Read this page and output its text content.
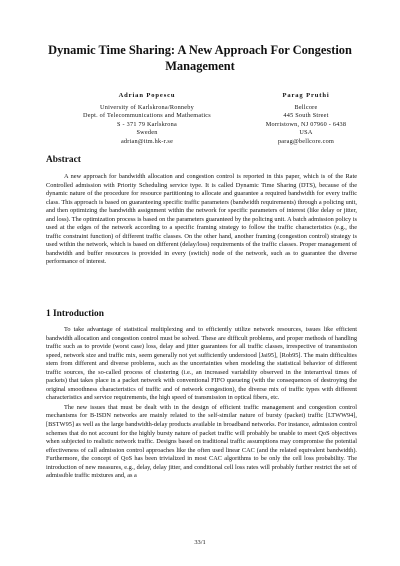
Dynamic Time Sharing: A New Approach For Congestion Management
Adrian Popescu
University of Karlskrona/Ronneby
Dept. of Telecommunications and Mathematics
S - 371 79 Karlskrona
Sweden
adrian@itm.hk-r.se
Parag Pruthi
Bellcore
445 South Street
Morristown, NJ 07960 - 6438
USA
parag@bellcore.com
Abstract

A new approach for bandwidth allocation and congestion control is reported in this paper, which is of the Rate Controlled admission with Priority Scheduling service type. It is called Dynamic Time Sharing (DTS), because of the dynamic nature of the procedure for resource partitioning to allocate and guarantee a required bandwidth for every traffic class. This approach is based on guaranteeing specific traffic parameters (bandwidth requirements) through a policing unit, and then optimizing the bandwidth assignment within the network for specific parameters of interest (like delay or jitter, and loss). The optimization process is based on the parameters guaranteed by the policing unit. A batch admission policy is used at the edges of the network according to a specific framing strategy to follow the traffic characteristics (e.g., the traffic constraint function) of different traffic classes. On the other hand, another framing (congestion control) strategy is used within the network, which is based on different (delay/loss) requirements of the traffic classes. Proper management of bandwidth and buffer resources is provided in every (switch) node of the network, such as to guarantee the diverse performance of interest.

1 Introduction

To take advantage of statistical multiplexing and to efficiently utilize network resources, issues like efficient bandwidth allocation and congestion control must be solved. These are difficult problems, and proper methods of handling traffic such as to provide (worst case) loss, delay and jitter guarantees for all traffic classes, irrespective of transmission speed, network size and traffic mix, seem generally not yet sufficiently understood [Jai95], [Rob95]. The main difficulties stem from different and diverse problems, such as the uncertainties when modeling the statistical behavior of different traffic sources, the so-called process of clustering (i.e., an increased variability observed in the interarrival times of packets) that takes place in a packet network with conventional FIFO queueing (with the consequences of destroying the original smoothness characteristics of traffic and of network congestion), the diverse mix of traffic types with different characteristics and service requirements, the high speed of transmission in optical fibers, etc.

The new issues that must be dealt with in the design of efficient traffic management and congestion control mechanisms for B-ISDN networks are mainly related to the self-similar nature of bursty (packet) traffic [LTWW94], [BSTW95] as well as the large bandwidth-delay products available in broadband networks. For instance, admission control schemes that do not account for the highly bursty nature of packet traffic will probably be unable to meet QoS objectives when subjected to realistic network traffic. Designs based on traditional traffic assumptions may compromise the potential effectiveness of call admission control approaches like the often used linear CAC (and the related equivalent bandwidth). Furthermore, the concept of QoS has been trivialized in most CAC algorithms to be only the cell loss probability. The introduction of new measures, e.g., delay, delay jitter, and conditional cell loss rates will probably further restrict the set of admissible traffic mixtures and, as a

33/1
